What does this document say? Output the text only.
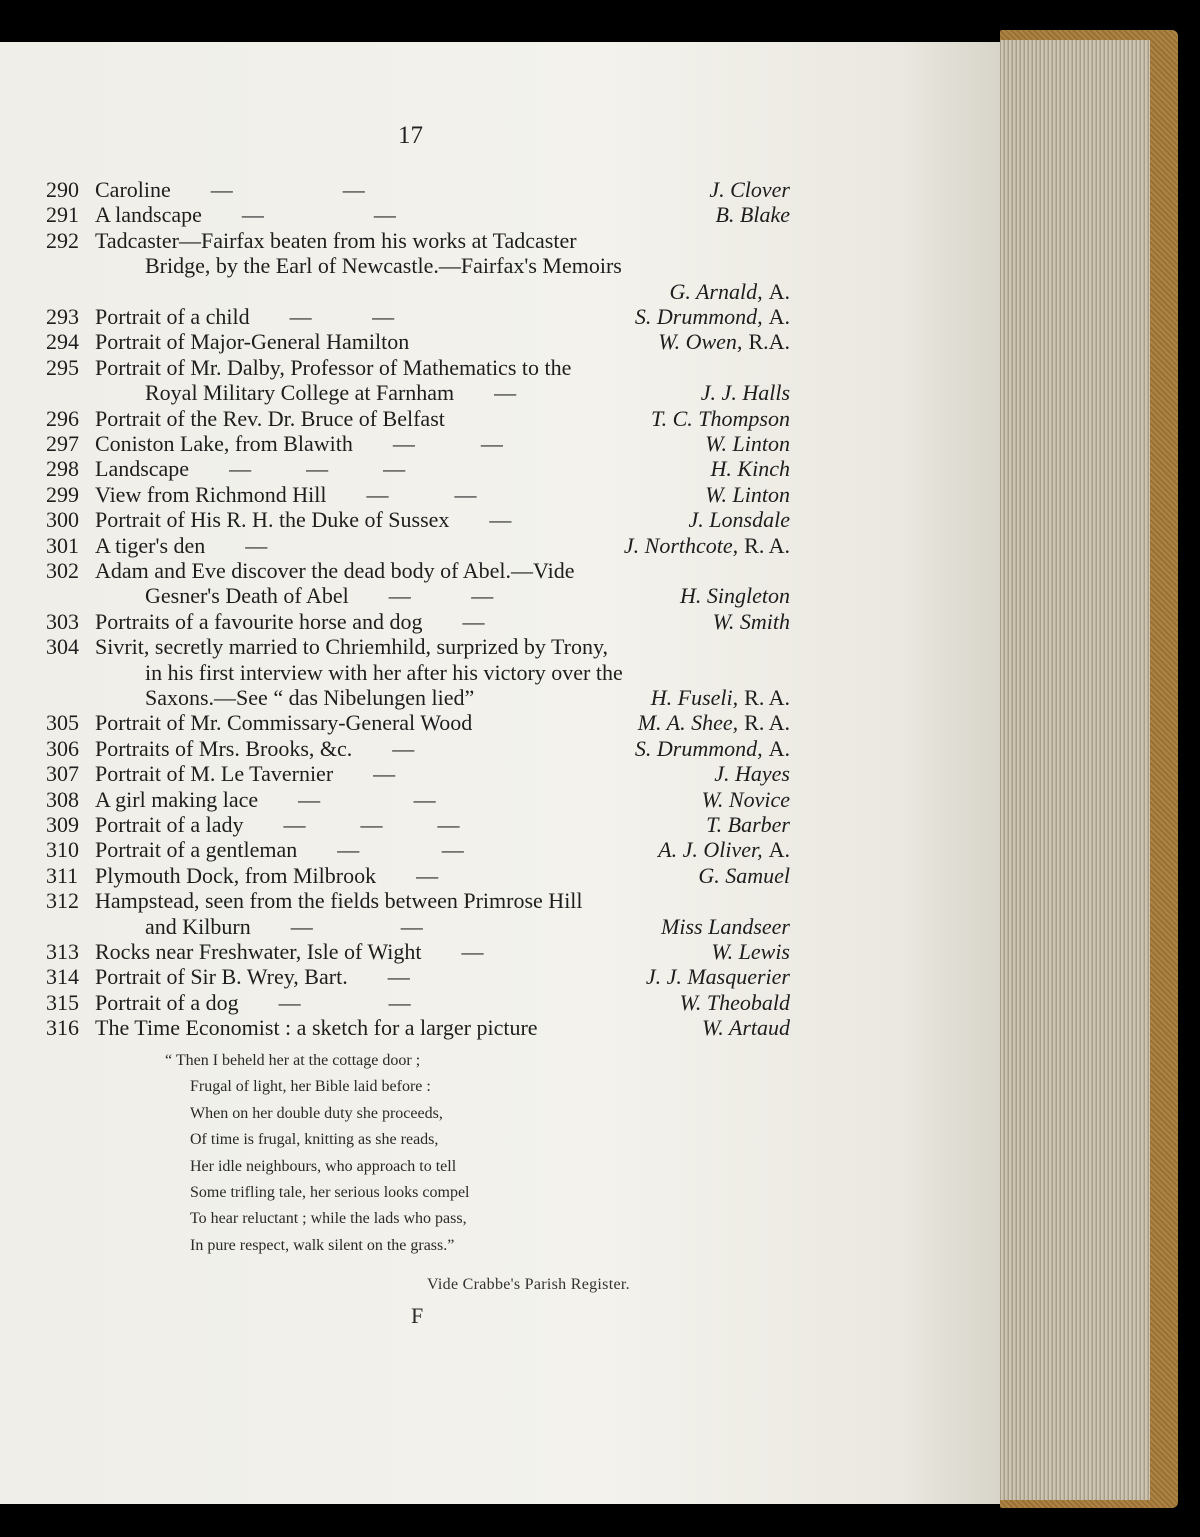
17
290 Caroline —                    —	J. Clover
291 A landscape —                    —	B. Blake
292 Tadcaster—Fairfax beaten from his works at Tadcaster
Bridge, by the Earl of Newcastle.—Fairfax's Memoirs
G. Arnald, A.
293 Portrait of a child —           —	S. Drummond, A.
294 Portrait of Major-General Hamilton	W. Owen, R.A.
295 Portrait of Mr. Dalby, Professor of Mathematics to the
Royal Military College at Farnham —	J. J. Halls
296 Portrait of the Rev. Dr. Bruce of Belfast	T. C. Thompson
297 Coniston Lake, from Blawith —            —	W. Linton
298 Landscape —          —          —	H. Kinch
299 View from Richmond Hill —            —	W. Linton
300 Portrait of His R. H. the Duke of Sussex —	J. Lonsdale
301 A tiger's den —	J. Northcote, R. A.
302 Adam and Eve discover the dead body of Abel.—Vide
Gesner's Death of Abel —           —	H. Singleton
303 Portraits of a favourite horse and dog —	W. Smith
304 Sivrit, secretly married to Chriemhild, surprized by Trony,
in his first interview with her after his victory over the
Saxons.—See “ das Nibelungen lied”	H. Fuseli, R. A.
305 Portrait of Mr. Commissary-General Wood	M. A. Shee, R. A.
306 Portraits of Mrs. Brooks, &c. —	S. Drummond, A.
307 Portrait of M. Le Tavernier —	J. Hayes
308 A girl making lace —                 —	W. Novice
309 Portrait of a lady —          —          —	T. Barber
310 Portrait of a gentleman —               —	A. J. Oliver, A.
311 Plymouth Dock, from Milbrook —	G. Samuel
312 Hampstead, seen from the fields between Primrose Hill
and Kilburn —                —	Miss Landseer
313 Rocks near Freshwater, Isle of Wight —	W. Lewis
314 Portrait of Sir B. Wrey, Bart. —	J. J. Masquerier
315 Portrait of a dog —                —	W. Theobald
316 The Time Economist : a sketch for a larger picture	W. Artaud
“ Then I beheld her at the cottage door ;
Frugal of light, her Bible laid before :
When on her double duty she proceeds,
Of time is frugal, knitting as she reads,
Her idle neighbours, who approach to tell
Some trifling tale, her serious looks compel
To hear reluctant ; while the lads who pass,
In pure respect, walk silent on the grass.”
Vide Crabbe's Parish Register.
F
